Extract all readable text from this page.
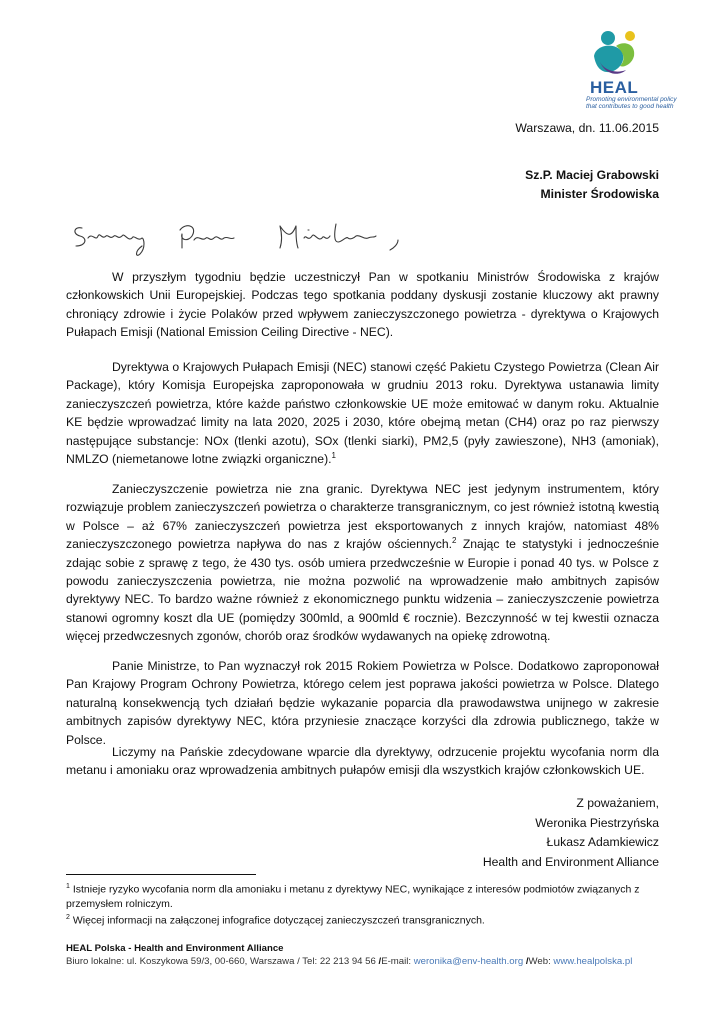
HEAL
Promoting environmental policy
that contributes to good health
Warszawa, dn. 11.06.2015
Sz.P. Maciej Grabowski
Minister Środowiska

W przyszłym tygodniu będzie uczestniczył Pan w spotkaniu Ministrów Środowiska z krajów członkowskich Unii Europejskiej. Podczas tego spotkania poddany dyskusji zostanie kluczowy akt prawny chroniący zdrowie i życie Polaków przed wpływem zanieczyszczonego powietrza - dyrektywa o Krajowych Pułapach Emisji (National Emission Ceiling Directive - NEC).

Dyrektywa o Krajowych Pułapach Emisji (NEC) stanowi część Pakietu Czystego Powietrza (Clean Air Package), który Komisja Europejska zaproponowała w grudniu 2013 roku. Dyrektywa ustanawia limity zanieczyszczeń powietrza, które każde państwo członkowskie UE może emitować w danym roku. Aktualnie KE będzie wprowadzać limity na lata 2020, 2025 i 2030, które obejmą metan (CH4) oraz po raz pierwszy następujące substancje: NOx (tlenki azotu), SOx (tlenki siarki), PM2,5 (pyły zawieszone), NH3 (amoniak), NMLZO (niemetanowe lotne związki organiczne).$^1$

Zanieczyszczenie powietrza nie zna granic. Dyrektywa NEC jest jedynym instrumentem, który rozwiązuje problem zanieczyszczeń powietrza o charakterze transgranicznym, co jest również istotną kwestią w Polsce – aż 67% zanieczyszczeń powietrza jest eksportowanych z innych krajów, natomiast 48% zanieczyszczonego powietrza napływa do nas z krajów ościennych.$^2$ Znając te statystyki i jednocześnie zdając sobie z sprawę z tego, że 430 tys. osób umiera przedwcześnie w Europie i ponad 40 tys. w Polsce z powodu zanieczyszczenia powietrza, nie można pozwolić na wprowadzenie mało ambitnych zapisów dyrektywy NEC. To bardzo ważne również z ekonomicznego punktu widzenia – zanieczyszczenie powietrza stanowi ogromny koszt dla UE (pomiędzy 300mld, a 900mld € rocznie). Bezczynność w tej kwestii oznacza więcej przedwczesnych zgonów, chorób oraz środków wydawanych na opiekę zdrowotną.

Panie Ministrze, to Pan wyznaczył rok 2015 Rokiem Powietrza w Polsce. Dodatkowo zaproponował Pan Krajowy Program Ochrony Powietrza, którego celem jest poprawa jakości powietrza w Polsce. Dlatego naturalną konsekwencją tych działań będzie wykazanie poparcia dla prawodawstwa unijnego w zakresie ambitnych zapisów dyrektywy NEC, która przyniesie znaczące korzyści dla zdrowia publicznego, także w Polsce.

Liczymy na Pańskie zdecydowane wparcie dla dyrektywy, odrzucenie projektu wycofania norm dla metanu i amoniaku oraz wprowadzenia ambitnych pułapów emisji dla wszystkich krajów członkowskich UE.

Z poważaniem,
Weronika Piestrzyńska
Łukasz Adamkiewicz
Health and Environment Alliance
$^1$ Istnieje ryzyko wycofania norm dla amoniaku i metanu z dyrektywy NEC, wynikające z interesów podmiotów związanych z przemysłem rolniczym.
$^2$ Więcej informacji na załączonej infografice dotyczącej zanieczyszczeń transgranicznych.
HEAL Polska - Health and Environment Alliance
Biuro lokalne: ul. Koszykowa 59/3, 00-660, Warszawa / Tel: 22 213 94 56 /E-mail: weronika@env-health.org /Web: www.healpolska.pl
